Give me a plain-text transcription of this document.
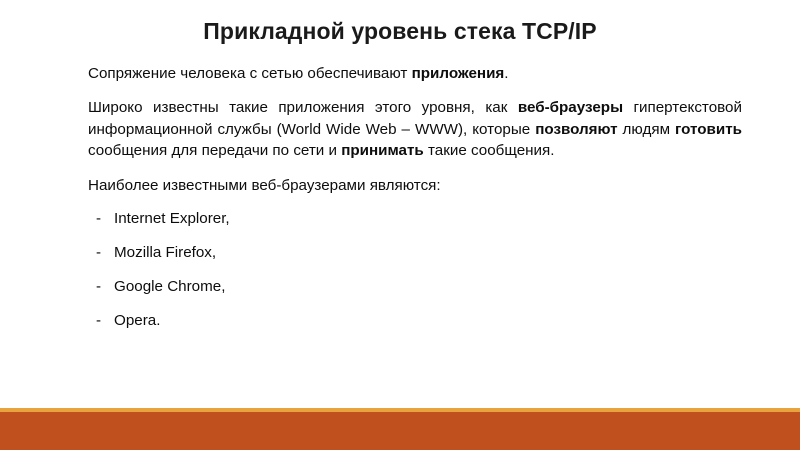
Прикладной уровень стека TCP/IP

Сопряжение человека с сетью обеспечивают приложения.

Широко известны такие приложения этого уровня, как веб-браузеры гипертекстовой информационной службы (World Wide Web – WWW), которые позволяют людям готовить сообщения для передачи по сети и принимать такие сообщения.

Наиболее известными веб-браузерами являются:

- Internet Explorer,
- Mozilla Firefox,
- Google Chrome,
- Opera.
